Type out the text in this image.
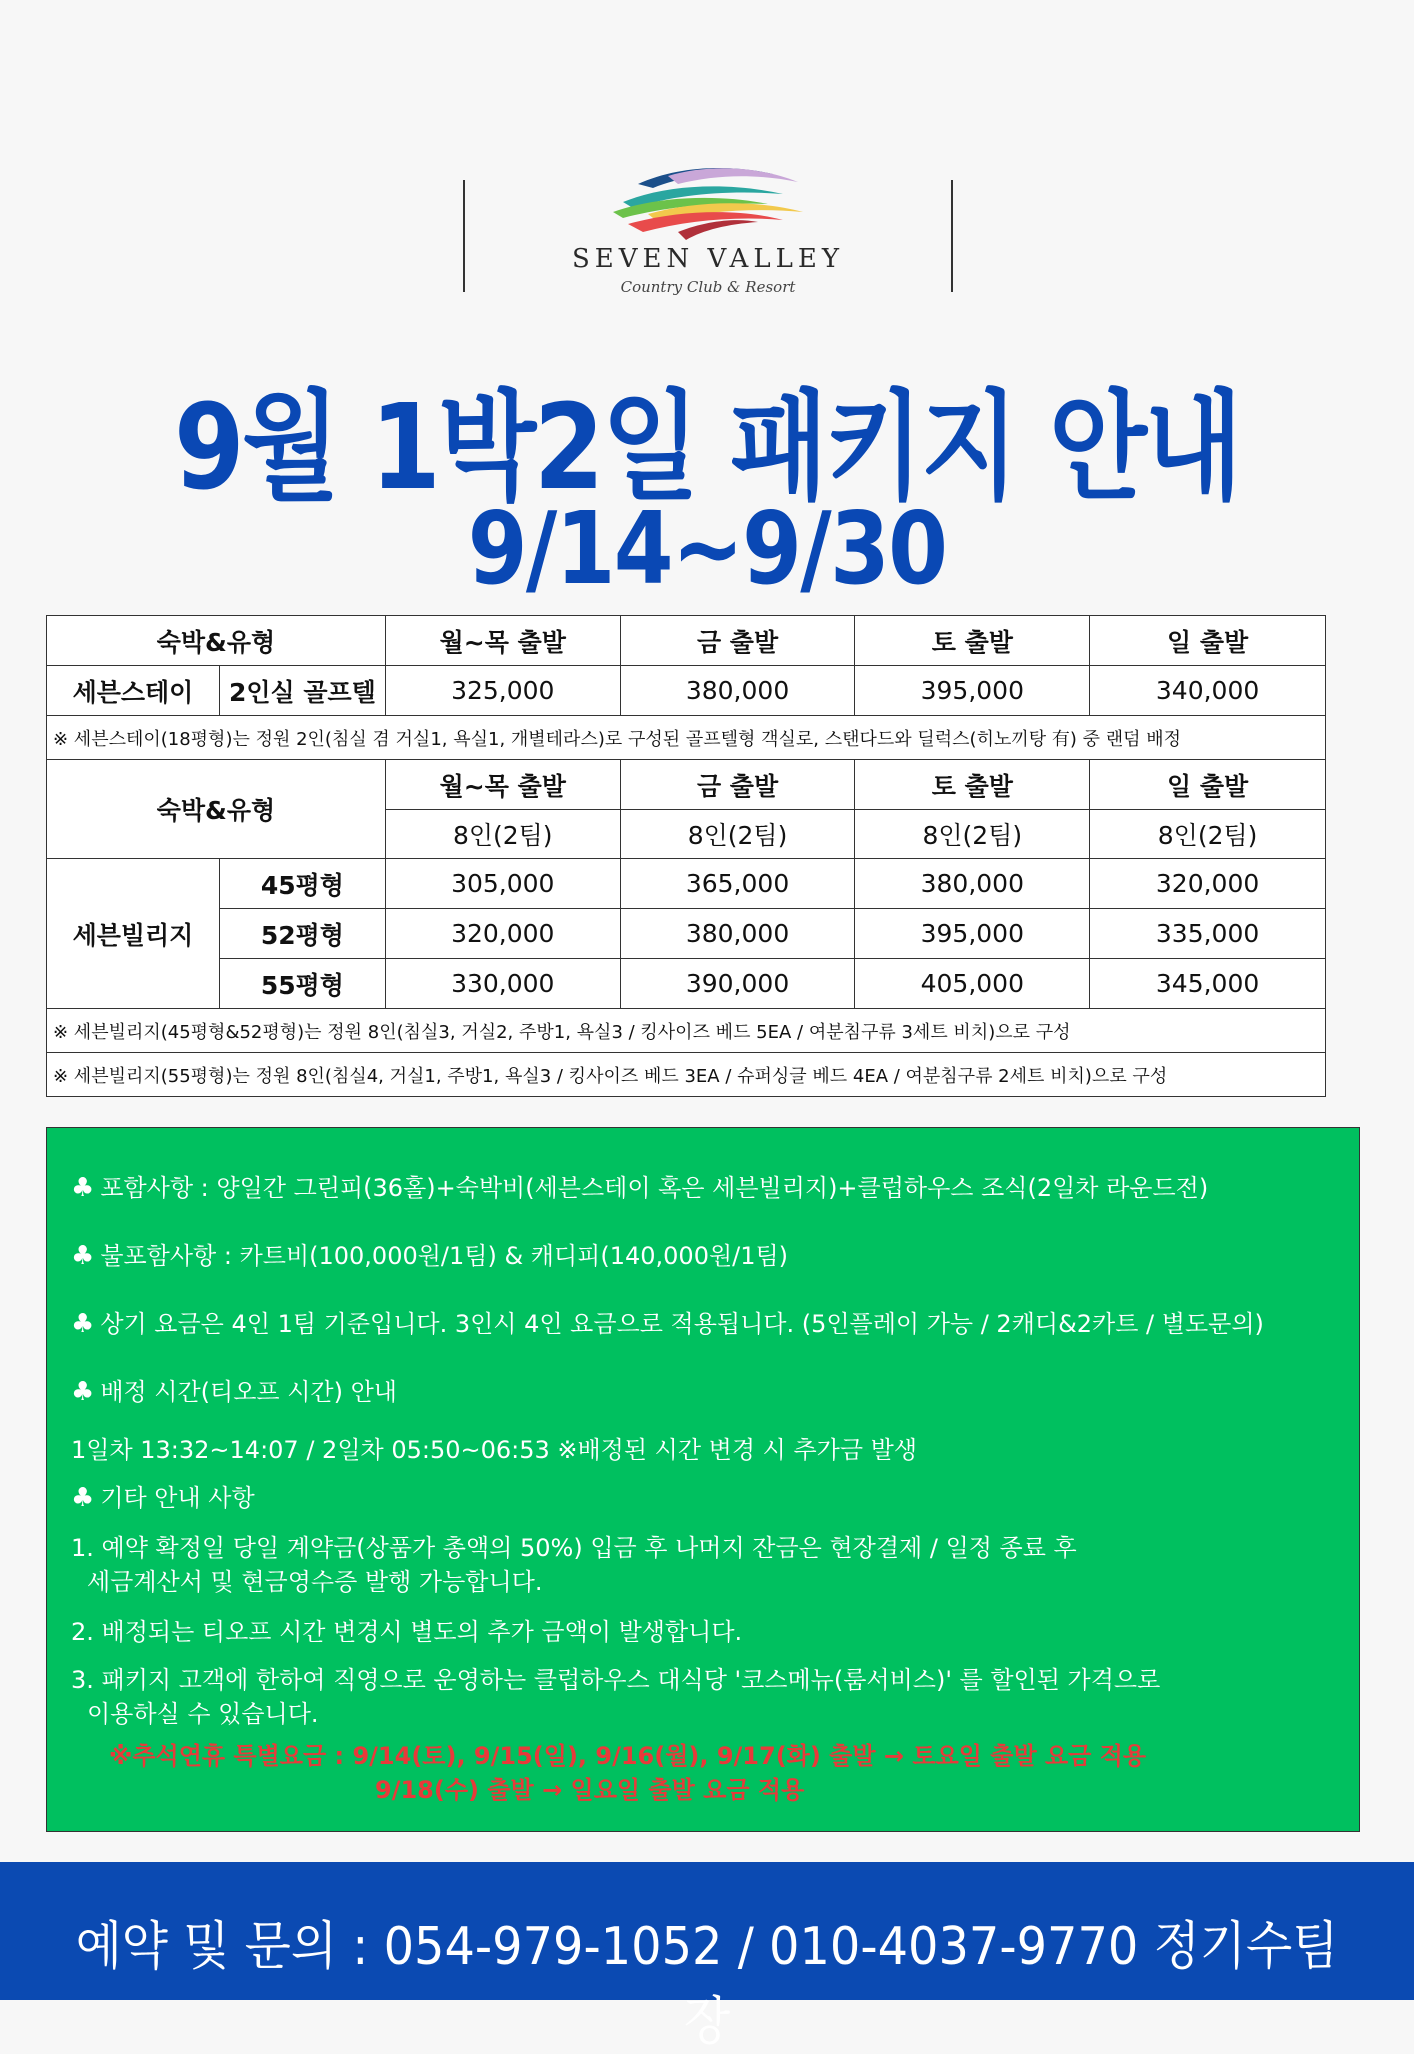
SEVEN VALLEY
Country Club & Resort
9월 1박2일 패키지 안내
9/14~9/30
숙박&유형		월~목 출발	금 출발	토 출발	일 출발
세븐스테이	2인실 골프텔	325,000	380,000	395,000	340,000
※ 세븐스테이(18평형)는 정원 2인(침실 겸 거실1, 욕실1, 개별테라스)로 구성된 골프텔형 객실로, 스탠다드와 딜럭스(히노끼탕 有) 중 랜덤 배정					
숙박&유형		월~목 출발	금 출발	토 출발	일 출발
		8인(2팀)	8인(2팀)	8인(2팀)	8인(2팀)
세븐빌리지	45평형	305,000	365,000	380,000	320,000
	52평형	320,000	380,000	395,000	335,000
	55평형	330,000	390,000	405,000	345,000
※ 세븐빌리지(45평형&52평형)는 정원 8인(침실3, 거실2, 주방1, 욕실3 / 킹사이즈 베드 5EA / 여분침구류 3세트 비치)으로 구성					
※ 세븐빌리지(55평형)는 정원 8인(침실4, 거실1, 주방1, 욕실3 / 킹사이즈 베드 3EA / 슈퍼싱글 베드 4EA / 여분침구류 2세트 비치)으로 구성					
♣ 포함사항 : 양일간 그린피(36홀)+숙박비(세븐스테이 혹은 세븐빌리지)+클럽하우스 조식(2일차 라운드전)
♣ 불포함사항 : 카트비(100,000원/1팀) & 캐디피(140,000원/1팀)
♣ 상기 요금은 4인 1팀 기준입니다. 3인시 4인 요금으로 적용됩니다. (5인플레이 가능 / 2캐디&2카트 / 별도문의)
♣ 배정 시간(티오프 시간) 안내
1일차 13:32~14:07 / 2일차 05:50~06:53 ※배정된 시간 변경 시 추가금 발생
♣ 기타 안내 사항
1. 예약 확정일 당일 계약금(상품가 총액의 50%) 입금 후 나머지 잔금은 현장결제 / 일정 종료 후
세금계산서 및 현금영수증 발행 가능합니다.
2. 배정되는 티오프 시간 변경시 별도의 추가 금액이 발생합니다.
3. 패키지 고객에 한하여 직영으로 운영하는 클럽하우스 대식당 '코스메뉴(룸서비스)' 를 할인된 가격으로
이용하실 수 있습니다.
※추석연휴 특별요금 : 9/14(토), 9/15(일), 9/16(월), 9/17(화) 출발 → 토요일 출발 요금 적용
9/18(수) 출발 → 일요일 출발 요금 적용
예약 및 문의 : 054-979-1052 / 010-4037-9770 정기수팀장
